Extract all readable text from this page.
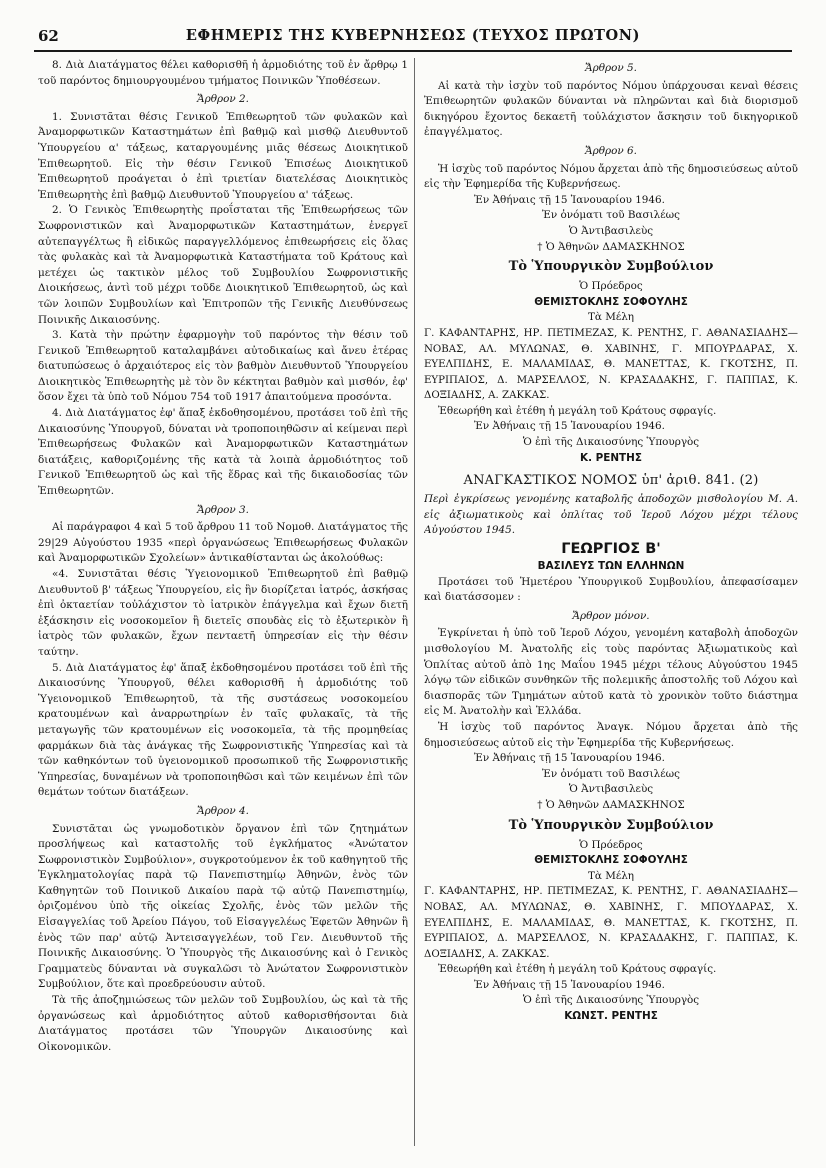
62	ΕΦΗΜΕΡΙΣ ΤΗΣ ΚΥΒΕΡΝΗΣΕΩΣ (ΤΕΥΧΟΣ ΠΡΩΤΟΝ)

8. Διὰ Διατάγματος θέλει καθορισθῆ ἡ ἁρμοδιότης τοῦ ἐν ἄρθρῳ 1 τοῦ παρόντος δημιουργουμένου τμήματος Ποινικῶν Ὑποθέσεων.

Ἄρθρον 2.

1. Συνιστᾶται θέσις Γενικοῦ Ἐπιθεωρητοῦ τῶν φυλακῶν καὶ Ἀναμορφωτικῶν Καταστημάτων ἐπὶ βαθμῷ καὶ μισθῷ Διευθυντοῦ Ὑπουργείου α' τάξεως, καταργουμένης μιᾶς θέσεως Διοικητικοῦ Ἐπιθεωρητοῦ. Εἰς τὴν θέσιν Γενικοῦ Ἐπισέως Διοικητικοῦ Ἐπιθεωρητοῦ προάγεται ὁ ἐπὶ τριετίαν διατελέσας Διοικητικὸς Ἐπιθεωρητὴς ἐπὶ βαθμῷ Διευθυντοῦ Ὑπουργείου α' τάξεως.

2. Ὁ Γενικὸς Ἐπιθεωρητὴς προΐσταται τῆς Ἐπιθεωρήσεως τῶν Σωφρονιστικῶν καὶ Ἀναμορφωτικῶν Καταστημάτων, ἐνεργεῖ αὐτεπαγγέλτως ἢ εἰδικῶς παραγγελλόμενος ἐπιθεωρήσεις εἰς ὅλας τὰς φυλακὰς καὶ τὰ Ἀναμορφωτικὰ Καταστήματα τοῦ Κράτους καὶ μετέχει ὡς τακτικὸν μέλος τοῦ Συμβουλίου Σωφρονιστικῆς Διοικήσεως, ἀντὶ τοῦ μέχρι τοῦδε Διοικητικοῦ Ἐπιθεωρητοῦ, ὡς καὶ τῶν λοιπῶν Συμβουλίων καὶ Ἐπιτροπῶν τῆς Γενικῆς Διευθύνσεως Ποινικῆς Δικαιοσύνης.

3. Κατὰ τὴν πρώτην ἐφαρμογὴν τοῦ παρόντος τὴν θέσιν τοῦ Γενικοῦ Ἐπιθεωρητοῦ καταλαμβάνει αὐτοδικαίως καὶ ἄνευ ἑτέρας διατυπώσεως ὁ ἀρχαιότερος εἰς τὸν βαθμὸν Διευθυντοῦ Ὑπουργείου Διοικητικὸς Ἐπιθεωρητὴς μὲ τὸν ὃν κέκτηται βαθμὸν καὶ μισθόν, ἐφ' ὅσον ἔχει τὰ ὑπὸ τοῦ Νόμου 754 τοῦ 1917 ἀπαιτούμενα προσόντα.

4. Διὰ Διατάγματος ἐφ' ἅπαξ ἐκδοθησομένου, προτάσει τοῦ ἐπὶ τῆς Δικαιοσύνης Ὑπουργοῦ, δύναται νὰ τροποποιηθῶσιν αἱ κείμεναι περὶ Ἐπιθεωρήσεως Φυλακῶν καὶ Ἀναμορφωτικῶν Καταστημάτων διατάξεις, καθοριζομένης τῆς κατὰ τὰ λοιπὰ ἁρμοδιότητος τοῦ Γενικοῦ Ἐπιθεωρητοῦ ὡς καὶ τῆς ἕδρας καὶ τῆς δικαιοδοσίας τῶν Ἐπιθεωρητῶν.

Ἄρθρον 3.

Αἱ παράγραφοι 4 καὶ 5 τοῦ ἄρθρου 11 τοῦ Νομοθ. Διατάγματος τῆς 29|29 Αὐγούστου 1935 «περὶ ὀργανώσεως Ἐπιθεωρήσεως Φυλακῶν καὶ Ἀναμορφωτικῶν Σχολείων» ἀντικαθίστανται ὡς ἀκολούθως:

«4. Συνιστᾶται θέσις Ὑγειονομικοῦ Ἐπιθεωρητοῦ ἐπὶ βαθμῷ Διευθυντοῦ β' τάξεως Ὑπουργείου, εἰς ἣν διορίζεται ἰατρός, ἀσκήσας ἐπὶ ὀκταετίαν τοὐλάχιστον τὸ ἰατρικὸν ἐπάγγελμα καὶ ἔχων διετῆ ἐξάσκησιν εἰς νοσοκομεῖον ἢ διετεῖς σπουδὰς εἰς τὸ ἐξωτερικὸν ἢ ἰατρὸς τῶν φυλακῶν, ἔχων πενταετῆ ὑπηρεσίαν εἰς τὴν θέσιν ταύτην.

5. Διὰ Διατάγματος ἐφ' ἅπαξ ἐκδοθησομένου προτάσει τοῦ ἐπὶ τῆς Δικαιοσύνης Ὑπουργοῦ, θέλει καθορισθῆ ἡ ἁρμοδιότης τοῦ Ὑγειονομικοῦ Ἐπιθεωρητοῦ, τὰ τῆς συστάσεως νοσοκομείου κρατουμένων καὶ ἀναρρωτηρίων ἐν ταῖς φυλακαῖς, τὰ τῆς μεταγωγῆς τῶν κρατουμένων εἰς νοσοκομεῖα, τὰ τῆς προμηθείας φαρμάκων διὰ τὰς ἀνάγκας τῆς Σωφρονιστικῆς Ὑπηρεσίας καὶ τὰ τῶν καθηκόντων τοῦ ὑγειονομικοῦ προσωπικοῦ τῆς Σωφρονιστικῆς Ὑπηρεσίας, δυναμένων νὰ τροποποιηθῶσι καὶ τῶν κειμένων ἐπὶ τῶν θεμάτων τούτων διατάξεων.

Ἄρθρον 4.

Συνιστᾶται ὡς γνωμοδοτικὸν ὄργανον ἐπὶ τῶν ζητημάτων προσλήψεως καὶ καταστολῆς τοῦ ἐγκλήματος «Ἀνώτατον Σωφρονιστικὸν Συμβούλιον», συγκροτούμενον ἐκ τοῦ καθηγητοῦ τῆς Ἐγκληματολογίας παρὰ τῷ Πανεπιστημίῳ Ἀθηνῶν, ἑνὸς τῶν Καθηγητῶν τοῦ Ποινικοῦ Δικαίου παρὰ τῷ αὐτῷ Πανεπιστημίῳ, ὁριζομένου ὑπὸ τῆς οἰκείας Σχολῆς, ἑνὸς τῶν μελῶν τῆς Εἰσαγγελίας τοῦ Ἀρείου Πάγου, τοῦ Εἰσαγγελέως Ἐφετῶν Ἀθηνῶν ἢ ἑνὸς τῶν παρ' αὐτῷ Ἀντεισαγγελέων, τοῦ Γεν. Διευθυντοῦ τῆς Ποινικῆς Δικαιοσύνης. Ὁ Ὑπουργὸς τῆς Δικαιοσύνης καὶ ὁ Γενικὸς Γραμματεὺς δύνανται νὰ συγκαλῶσι τὸ Ἀνώτατον Σωφρονιστικὸν Συμβούλιον, ὅτε καὶ προεδρεύουσιν αὐτοῦ.

Τὰ τῆς ἀποζημιώσεως τῶν μελῶν τοῦ Συμβουλίου, ὡς καὶ τὰ τῆς ὀργανώσεως καὶ ἁρμοδιότητος αὐτοῦ καθορισθήσονται διὰ Διατάγματος προτάσει τῶν Ὑπουργῶν Δικαιοσύνης καὶ Οἰκονομικῶν.

Ἄρθρον 5.

Αἱ κατὰ τὴν ἰσχὺν τοῦ παρόντος Νόμου ὑπάρχουσαι κεναὶ θέσεις Ἐπιθεωρητῶν φυλακῶν δύνανται νὰ πληρῶνται καὶ διὰ διορισμοῦ δικηγόρου ἔχοντος δεκαετῆ τοὐλάχιστον ἄσκησιν τοῦ δικηγορικοῦ ἐπαγγέλματος.

Ἄρθρον 6.

Ἡ ἰσχὺς τοῦ παρόντος Νόμου ἄρχεται ἀπὸ τῆς δημοσιεύσεως αὐτοῦ εἰς τὴν Ἐφημερίδα τῆς Κυβερνήσεως.

Ἐν Ἀθήναις τῇ 15 Ἰανουαρίου 1946.

Ἐν ὀνόματι τοῦ Βασιλέως

Ὁ Ἀντιβασιλεὺς

† Ὁ Ἀθηνῶν ΔΑΜΑΣΚΗΝΟΣ

Τὸ Ὑπουργικὸν Συμβούλιον

Ὁ Πρόεδρος

ΘΕΜΙΣΤΟΚΛΗΣ ΣΟΦΟΥΛΗΣ

Τὰ Μέλη

Γ. ΚΑΦΑΝΤΑΡΗΣ, ΗΡ. ΠΕΤΙΜΕΖΑΣ, Κ. ΡΕΝΤΗΣ, Γ. ΑΘΑΝΑΣΙΑΔΗΣ—ΝΟΒΑΣ, ΑΛ. ΜΥΛΩΝΑΣ, Θ. ΧΑΒΙΝΗΣ, Γ. ΜΠΟΥΡΔΑΡΑΣ, Χ. ΕΥΕΛΠΙΔΗΣ, Ε. ΜΑΛΑΜΙΔΑΣ, Θ. ΜΑΝΕΤΤΑΣ, Κ. ΓΚΟΤΣΗΣ, Π. ΕΥΡΙΠΑΙΟΣ, Δ. ΜΑΡΣΕΛΛΟΣ, Ν. ΚΡΑΣΑΔΑΚΗΣ, Γ. ΠΑΠΠΑΣ, Κ. ΔΟΞΙΑΔΗΣ, Α. ΖΑΚΚΑΣ.

Ἐθεωρήθη καὶ ἐτέθη ἡ μεγάλη τοῦ Κράτους σφραγίς.

Ἐν Ἀθήναις τῇ 15 Ἰανουαρίου 1946.

Ὁ ἐπὶ τῆς Δικαιοσύνης Ὑπουργὸς

Κ. ΡΕΝΤΗΣ

ΑΝΑΓΚΑΣΤΙΚΟΣ ΝΟΜΟΣ ὑπ' ἀριθ. 841. (2)

Περὶ ἐγκρίσεως γενομένης καταβολῆς ἀποδοχῶν μισθολογίου Μ. Α. εἰς ἀξιωματικοὺς καὶ ὁπλίτας τοῦ Ἱεροῦ Λόχου μέχρι τέλους Αὐγούστου 1945.

ΓΕΩΡΓΙΟΣ Β'

ΒΑΣΙΛΕΥΣ ΤΩΝ ΕΛΛΗΝΩΝ

Προτάσει τοῦ Ἡμετέρου Ὑπουργικοῦ Συμβουλίου, ἀπεφασίσαμεν καὶ διατάσσομεν :

Ἄρθρον μόνον.

Ἐγκρίνεται ἡ ὑπὸ τοῦ Ἱεροῦ Λόχου, γενομένη καταβολὴ ἀποδοχῶν μισθολογίου Μ. Ἀνατολῆς εἰς τοὺς παρόντας Ἀξιωματικοὺς καὶ Ὁπλίτας αὐτοῦ ἀπὸ 1ης Μαΐου 1945 μέχρι τέλους Αὐγούστου 1945 λόγῳ τῶν εἰδικῶν συνθηκῶν τῆς πολεμικῆς ἀποστολῆς τοῦ Λόχου καὶ διασπορᾶς τῶν Τμημάτων αὐτοῦ κατὰ τὸ χρονικὸν τοῦτο διάστημα εἰς Μ. Ἀνατολὴν καὶ Ἑλλάδα.

Ἡ ἰσχὺς τοῦ παρόντος Ἀναγκ. Νόμου ἄρχεται ἀπὸ τῆς δημοσιεύσεως αὐτοῦ εἰς τὴν Ἐφημερίδα τῆς Κυβερνήσεως.

Ἐν Ἀθήναις τῇ 15 Ἰανουαρίου 1946.

Ἐν ὀνόματι τοῦ Βασιλέως

Ὁ Ἀντιβασιλεὺς

† Ὁ Ἀθηνῶν ΔΑΜΑΣΚΗΝΟΣ

Τὸ Ὑπουργικὸν Συμβούλιον

Ὁ Πρόεδρος

ΘΕΜΙΣΤΟΚΛΗΣ ΣΟΦΟΥΛΗΣ

Τὰ Μέλη

Γ. ΚΑΦΑΝΤΑΡΗΣ, ΗΡ. ΠΕΤΙΜΕΖΑΣ, Κ. ΡΕΝΤΗΣ, Γ. ΑΘΑΝΑΣΙΑΔΗΣ—ΝΟΒΑΣ, ΑΛ. ΜΥΛΩΝΑΣ, Θ. ΧΑΒΙΝΗΣ, Γ. ΜΠΟΥΔΑΡΑΣ, Χ. ΕΥΕΛΠΙΔΗΣ, Ε. ΜΑΛΑΜΙΔΑΣ, Θ. ΜΑΝΕΤΤΑΣ, Κ. ΓΚΟΤΣΗΣ, Π. ΕΥΡΙΠΑΙΟΣ, Δ. ΜΑΡΣΕΛΛΟΣ, Ν. ΚΡΑΣΑΔΑΚΗΣ, Γ. ΠΑΠΠΑΣ, Κ. ΔΟΞΙΑΔΗΣ, Α. ΖΑΚΚΑΣ.

Ἐθεωρήθη καὶ ἐτέθη ἡ μεγάλη τοῦ Κράτους σφραγίς.

Ἐν Ἀθήναις τῇ 15 Ἰανουαρίου 1946.

Ὁ ἐπὶ τῆς Δικαιοσύνης Ὑπουργὸς

ΚΩΝΣΤ. ΡΕΝΤΗΣ
